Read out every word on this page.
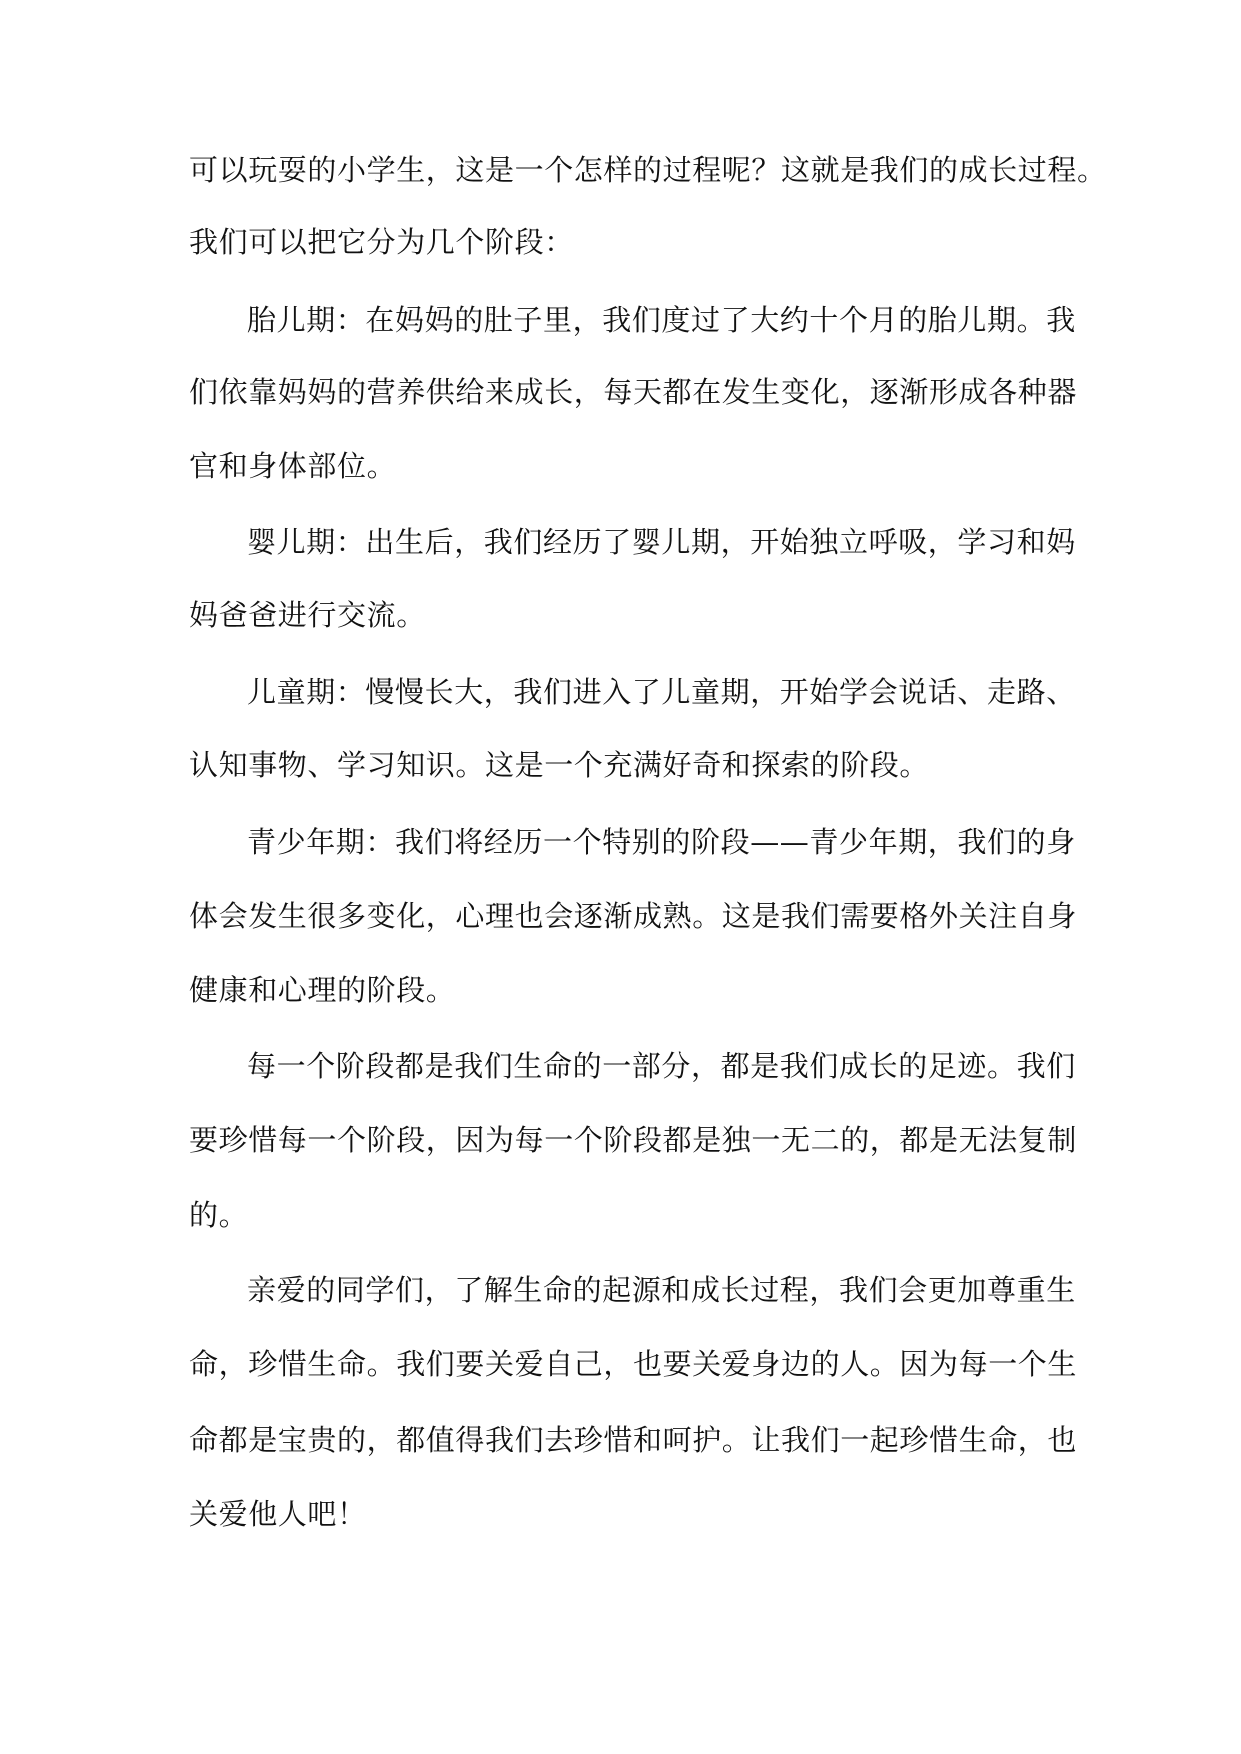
可以玩耍的小学生，这是一个怎样的过程呢？这就是我们的成长过程。
我们可以把它分为几个阶段：
胎儿期：在妈妈的肚子里，我们度过了大约十个月的胎儿期。我
们依靠妈妈的营养供给来成长，每天都在发生变化，逐渐形成各种器
官和身体部位。
婴儿期：出生后，我们经历了婴儿期，开始独立呼吸，学习和妈
妈爸爸进行交流。
儿童期：慢慢长大，我们进入了儿童期，开始学会说话、走路、
认知事物、学习知识。这是一个充满好奇和探索的阶段。
青少年期：我们将经历一个特别的阶段——青少年期，我们的身
体会发生很多变化，心理也会逐渐成熟。这是我们需要格外关注自身
健康和心理的阶段。
每一个阶段都是我们生命的一部分，都是我们成长的足迹。我们
要珍惜每一个阶段，因为每一个阶段都是独一无二的，都是无法复制
的。
亲爱的同学们，了解生命的起源和成长过程，我们会更加尊重生
命，珍惜生命。我们要关爱自己，也要关爱身边的人。因为每一个生
命都是宝贵的，都值得我们去珍惜和呵护。让我们一起珍惜生命，也
关爱他人吧！
